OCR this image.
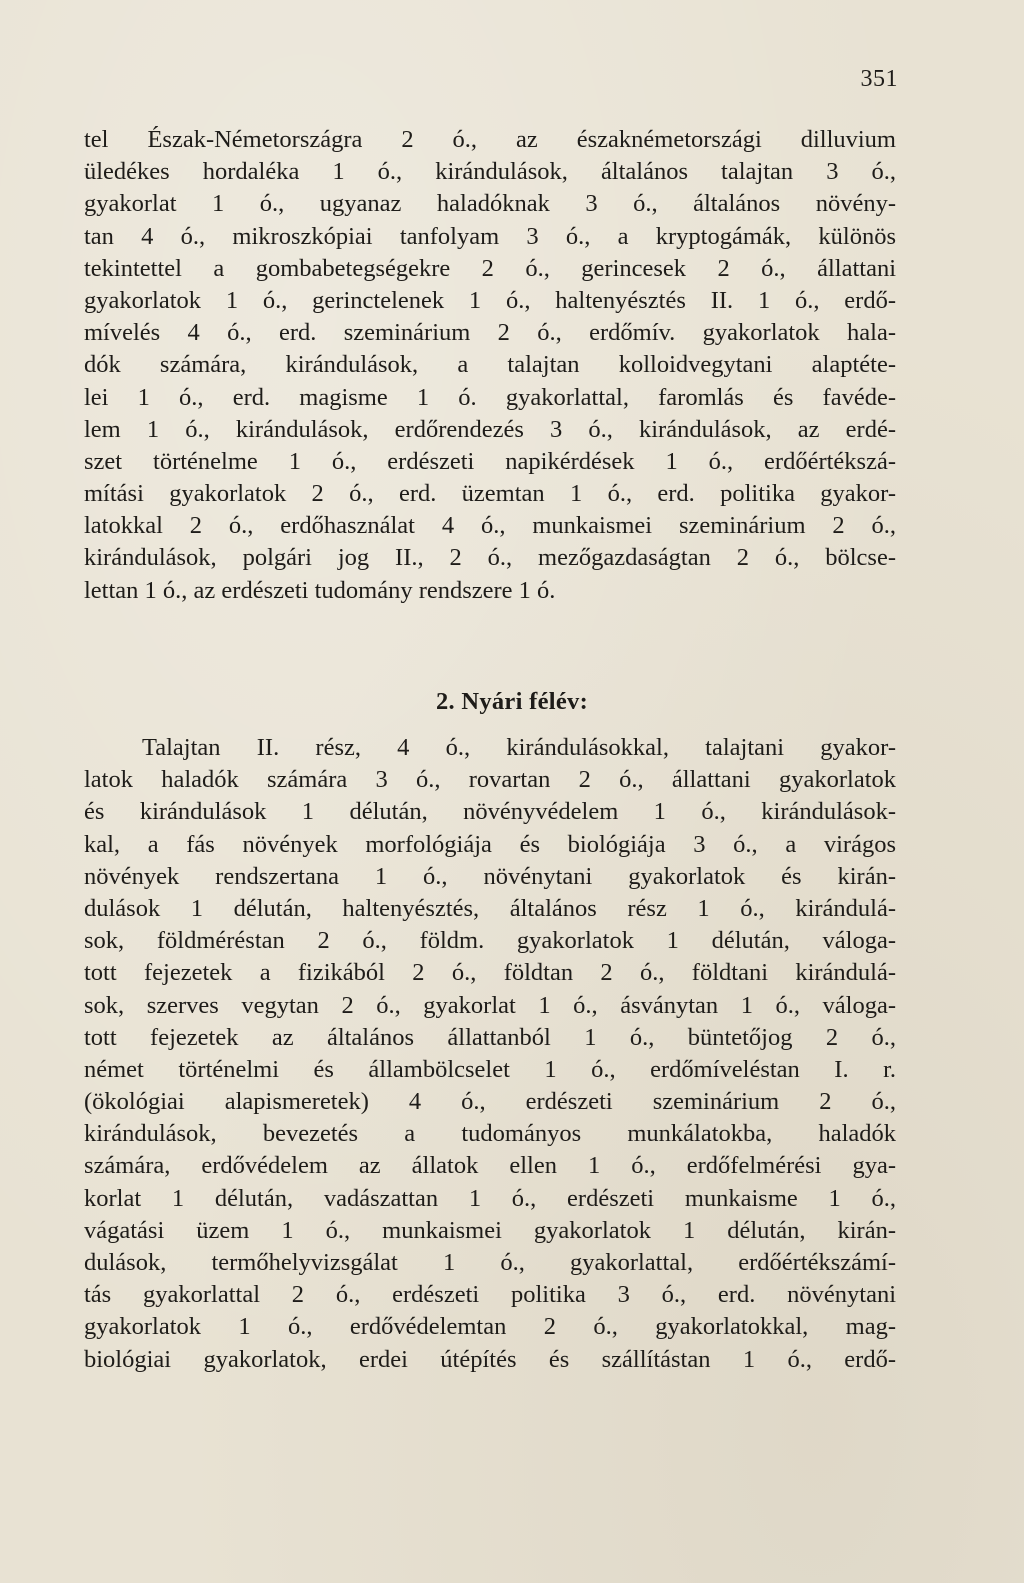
351
tel Észak-Németországra 2 ó., az északnémetországi dilluvium
üledékes hordaléka 1 ó., kirándulások, általános talajtan 3 ó.,
gyakorlat 1 ó., ugyanaz haladóknak 3 ó., általános növény-
tan 4 ó., mikroszkópiai tanfolyam 3 ó., a kryptogámák, különös
tekintettel a gombabetegségekre 2 ó., gerincesek 2 ó., állattani
gyakorlatok 1 ó., gerinctelenek 1 ó., haltenyésztés II. 1 ó., erdő-
mívelés 4 ó., erd. szeminárium 2 ó., erdőmív. gyakorlatok hala-
dók számára, kirándulások, a talajtan kolloidvegytani alaptéte-
lei 1 ó., erd. magisme 1 ó. gyakorlattal, faromlás és favéde-
lem 1 ó., kirándulások, erdőrendezés 3 ó., kirándulások, az erdé-
szet történelme 1 ó., erdészeti napikérdések 1 ó., erdőértékszá-
mítási gyakorlatok 2 ó., erd. üzemtan 1 ó., erd. politika gyakor-
latokkal 2 ó., erdőhasználat 4 ó., munkaismei szeminárium 2 ó.,
kirándulások, polgári jog II., 2 ó., mezőgazdaságtan 2 ó., bölcse-
lettan 1 ó., az erdészeti tudomány rendszere 1 ó.
2. Nyári félév:
Talajtan II. rész, 4 ó., kirándulásokkal, talajtani gyakor-
latok haladók számára 3 ó., rovartan 2 ó., állattani gyakorlatok
és kirándulások 1 délután, növényvédelem 1 ó., kirándulások-
kal, a fás növények morfológiája és biológiája 3 ó., a virágos
növények rendszertana 1 ó., növénytani gyakorlatok és kirán-
dulások 1 délután, haltenyésztés, általános rész 1 ó., kirándulá-
sok, földméréstan 2 ó., földm. gyakorlatok 1 délután, váloga-
tott fejezetek a fizikából 2 ó., földtan 2 ó., földtani kirándulá-
sok, szerves vegytan 2 ó., gyakorlat 1 ó., ásványtan 1 ó., váloga-
tott fejezetek az általános állattanból 1 ó., büntetőjog 2 ó.,
német történelmi és állambölcselet 1 ó., erdőmíveléstan I. r.
(ökológiai alapismeretek) 4 ó., erdészeti szeminárium 2 ó.,
kirándulások, bevezetés a tudományos munkálatokba, haladók
számára, erdővédelem az állatok ellen 1 ó., erdőfelmérési gya-
korlat 1 délután, vadászattan 1 ó., erdészeti munkaisme 1 ó.,
vágatási üzem 1 ó., munkaismei gyakorlatok 1 délután, kirán-
dulások, termőhelyvizsgálat 1 ó., gyakorlattal, erdőértékszámí-
tás gyakorlattal 2 ó., erdészeti politika 3 ó., erd. növénytani
gyakorlatok 1 ó., erdővédelemtan 2 ó., gyakorlatokkal, mag-
biológiai gyakorlatok, erdei útépítés és szállítástan 1 ó., erdő-
